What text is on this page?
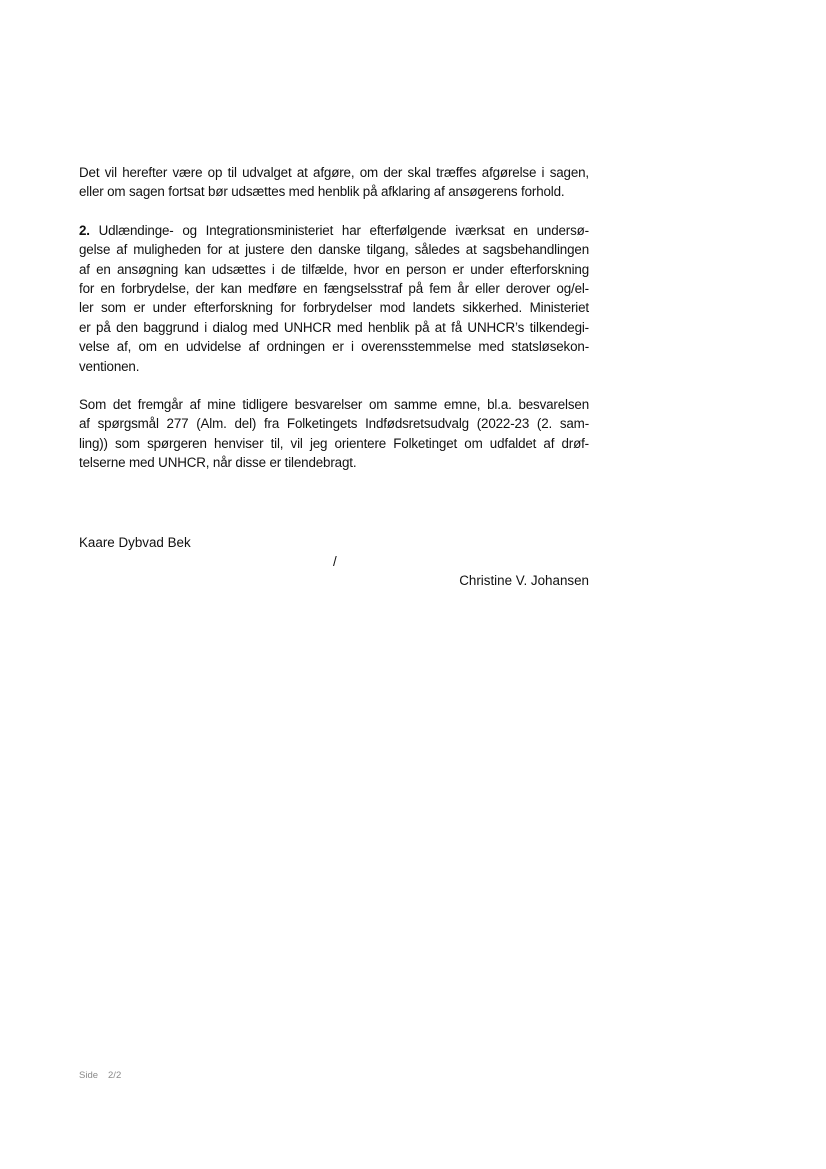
Det vil herefter være op til udvalget at afgøre, om der skal træffes afgørelse i sagen,
eller om sagen fortsat bør udsættes med henblik på afklaring af ansøgerens forhold.

2. Udlændinge- og Integrationsministeriet har efterfølgende iværksat en undersø-
gelse af muligheden for at justere den danske tilgang, således at sagsbehandlingen
af en ansøgning kan udsættes i de tilfælde, hvor en person er under efterforskning
for en forbrydelse, der kan medføre en fængselsstraf på fem år eller derover og/el-
ler som er under efterforskning for forbrydelser mod landets sikkerhed. Ministeriet
er på den baggrund i dialog med UNHCR med henblik på at få UNHCR’s tilkendegi-
velse af, om en udvidelse af ordningen er i overensstemmelse med statsløsekon-
ventionen.

Som det fremgår af mine tidligere besvarelser om samme emne, bl.a. besvarelsen
af spørgsmål 277 (Alm. del) fra Folketingets Indfødsretsudvalg (2022-23 (2. sam-
ling)) som spørgeren henviser til, vil jeg orientere Folketinget om udfaldet af drøf-
telserne med UNHCR, når disse er tilendebragt.

Kaare Dybvad Bek

/

Christine V. Johansen

Side 2/2
